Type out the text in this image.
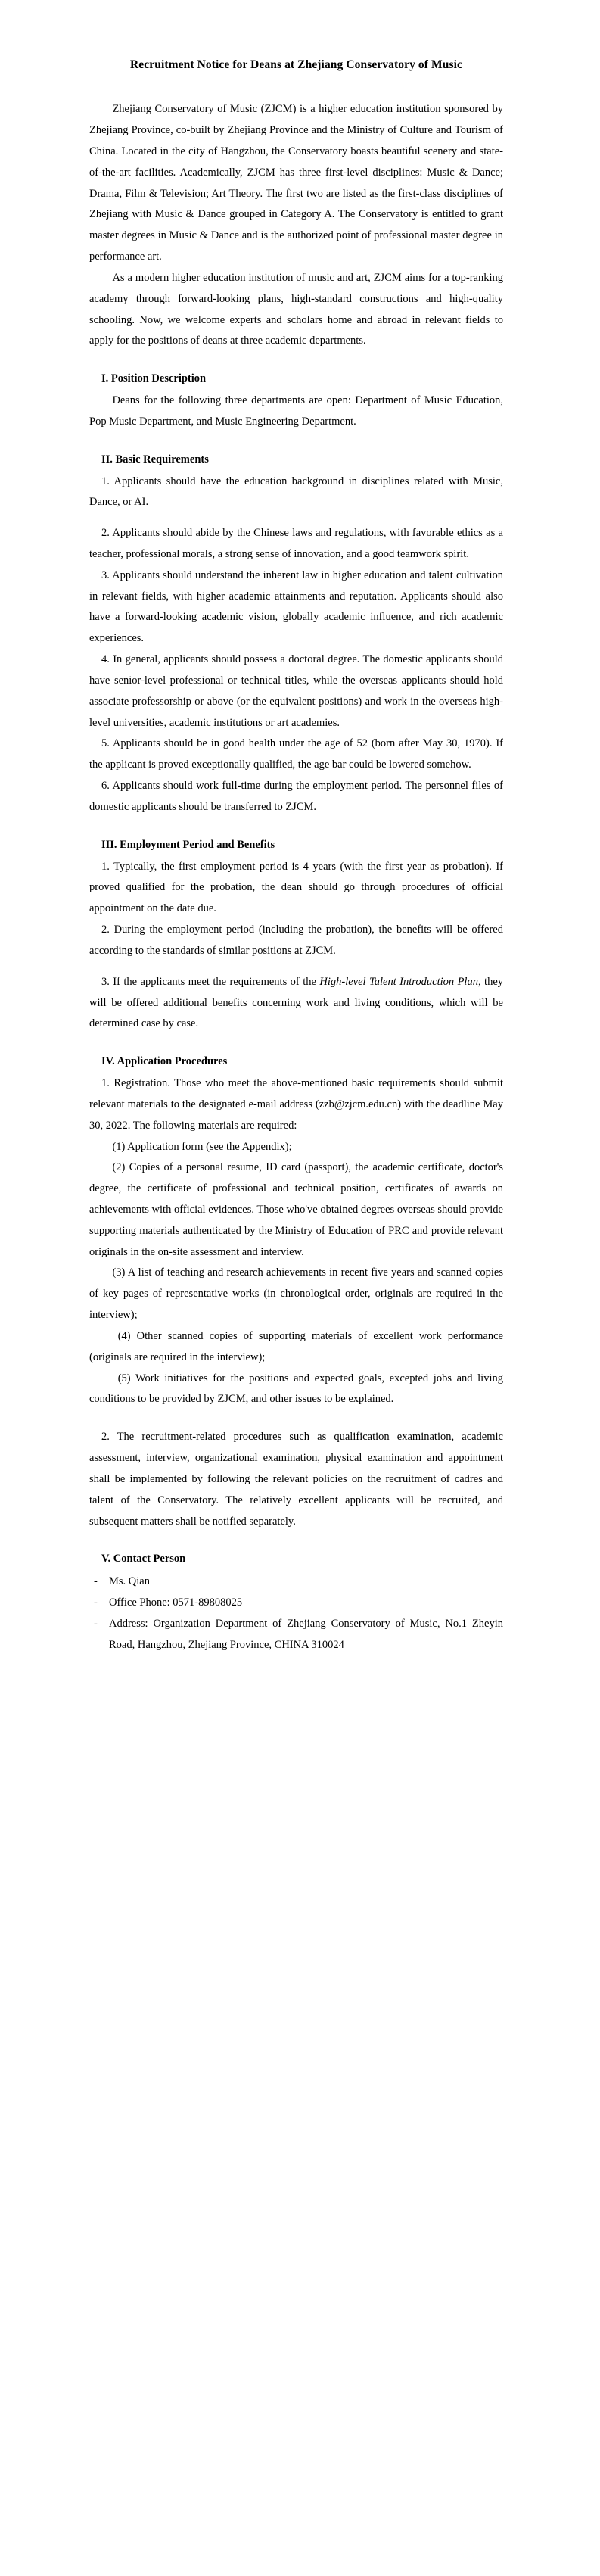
Recruitment Notice for Deans at Zhejiang Conservatory of Music

Zhejiang Conservatory of Music (ZJCM) is a higher education institution sponsored by Zhejiang Province, co-built by Zhejiang Province and the Ministry of Culture and Tourism of China. Located in the city of Hangzhou, the Conservatory boasts beautiful scenery and state-of-the-art facilities. Academically, ZJCM has three first-level disciplines: Music & Dance; Drama, Film & Television; Art Theory. The first two are listed as the first-class disciplines of Zhejiang with Music & Dance grouped in Category A. The Conservatory is entitled to grant master degrees in Music & Dance and is the authorized point of professional master degree in performance art.

As a modern higher education institution of music and art, ZJCM aims for a top-ranking academy through forward-looking plans, high-standard constructions and high-quality schooling. Now, we welcome experts and scholars home and abroad in relevant fields to apply for the positions of deans at three academic departments.

I. Position Description

Deans for the following three departments are open: Department of Music Education, Pop Music Department, and Music Engineering Department.

II. Basic Requirements

1. Applicants should have the education background in disciplines related with Music, Dance, or AI.

2. Applicants should abide by the Chinese laws and regulations, with favorable ethics as a teacher, professional morals, a strong sense of innovation, and a good teamwork spirit.

3. Applicants should understand the inherent law in higher education and talent cultivation in relevant fields, with higher academic attainments and reputation. Applicants should also have a forward-looking academic vision, globally academic influence, and rich academic experiences.

4. In general, applicants should possess a doctoral degree. The domestic applicants should have senior-level professional or technical titles, while the overseas applicants should hold associate professorship or above (or the equivalent positions) and work in the overseas high-level universities, academic institutions or art academies.

5. Applicants should be in good health under the age of 52 (born after May 30, 1970). If the applicant is proved exceptionally qualified, the age bar could be lowered somehow.

6. Applicants should work full-time during the employment period. The personnel files of domestic applicants should be transferred to ZJCM.

III. Employment Period and Benefits

1. Typically, the first employment period is 4 years (with the first year as probation). If proved qualified for the probation, the dean should go through procedures of official appointment on the date due.

2. During the employment period (including the probation), the benefits will be offered according to the standards of similar positions at ZJCM.

3. If the applicants meet the requirements of the High-level Talent Introduction Plan, they will be offered additional benefits concerning work and living conditions, which will be determined case by case.

IV. Application Procedures

1. Registration. Those who meet the above-mentioned basic requirements should submit relevant materials to the designated e-mail address (zzb@zjcm.edu.cn) with the deadline May 30, 2022. The following materials are required:

(1) Application form (see the Appendix);

(2) Copies of a personal resume, ID card (passport), the academic certificate, doctor's degree, the certificate of professional and technical position, certificates of awards on achievements with official evidences. Those who've obtained degrees overseas should provide supporting materials authenticated by the Ministry of Education of PRC and provide relevant originals in the on-site assessment and interview.

(3) A list of teaching and research achievements in recent five years and scanned copies of key pages of representative works (in chronological order, originals are required in the interview);

(4) Other scanned copies of supporting materials of excellent work performance (originals are required in the interview);

(5) Work initiatives for the positions and expected goals, excepted jobs and living conditions to be provided by ZJCM, and other issues to be explained.

2. The recruitment-related procedures such as qualification examination, academic assessment, interview, organizational examination, physical examination and appointment shall be implemented by following the relevant policies on the recruitment of cadres and talent of the Conservatory. The relatively excellent applicants will be recruited, and subsequent matters shall be notified separately.

V. Contact Person
-	Ms. Qian
-	Office Phone: 0571-89808025
-	Address: Organization Department of Zhejiang Conservatory of Music, No.1 Zheyin Road, Hangzhou, Zhejiang Province, CHINA 310024
